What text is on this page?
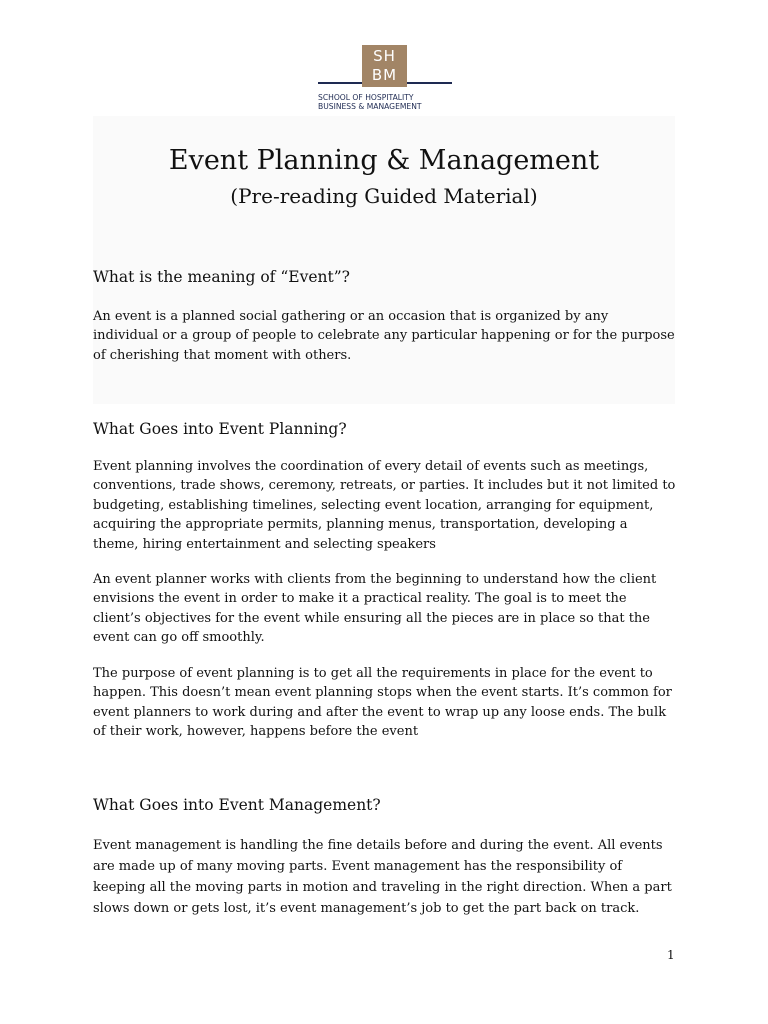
SH
BM
SCHOOL OF HOSPITALITY
BUSINESS & MANAGEMENT
Event Planning & Management
(Pre-reading Guided Material)
What is the meaning of “Event”?

An event is a planned social gathering or an occasion that is organized by any individual or a group of people to celebrate any particular happening or for the purpose of cherishing that moment with others.

What Goes into Event Planning?

Event planning involves the coordination of every detail of events such as meetings, conventions, trade shows, ceremony, retreats, or parties. It includes but it not limited to budgeting, establishing timelines, selecting event location, arranging for equipment, acquiring the appropriate permits, planning menus, transportation, developing a theme, hiring entertainment and selecting speakers

An event planner works with clients from the beginning to understand how the client envisions the event in order to make it a practical reality. The goal is to meet the client’s objectives for the event while ensuring all the pieces are in place so that the event can go off smoothly.

The purpose of event planning is to get all the requirements in place for the event to happen. This doesn’t mean event planning stops when the event starts. It’s common for event planners to work during and after the event to wrap up any loose ends. The bulk of their work, however, happens before the event

What Goes into Event Management?

Event management is handling the fine details before and during the event. All events are made up of many moving parts. Event management has the responsibility of keeping all the moving parts in motion and traveling in the right direction. When a part slows down or gets lost, it’s event management’s job to get the part back on track.

1
